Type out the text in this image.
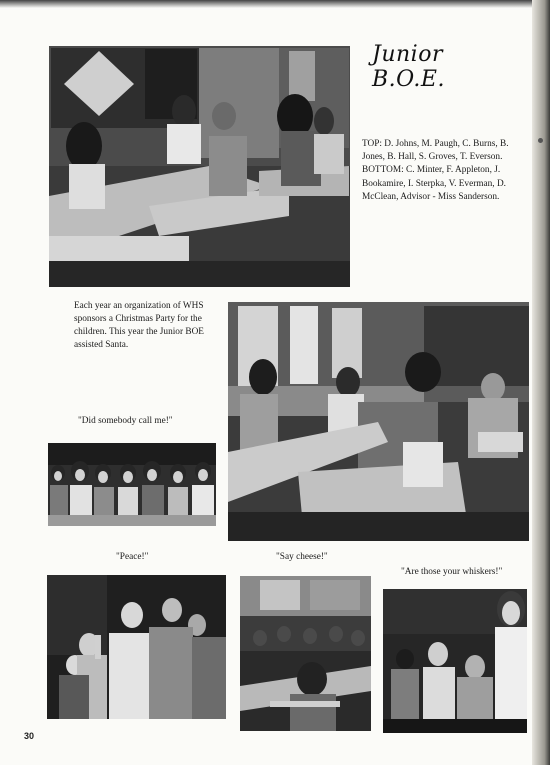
Junior B.O.E.
TOP: D. Johns, M. Paugh, C. Burns, B. Jones, B. Hall, S. Groves, T. Everson. BOTTOM: C. Minter, F. Appleton, J. Bookamire, I. Sterpka, V. Everman, D. McClean, Advisor - Miss Sanderson.
Each year an organization of WHS sponsors a Christmas Party for the children. This year the Junior BOE assisted Santa.
"Did somebody call me!"
"Peace!"	"Say cheese!"
"Are those your whiskers!"
30
